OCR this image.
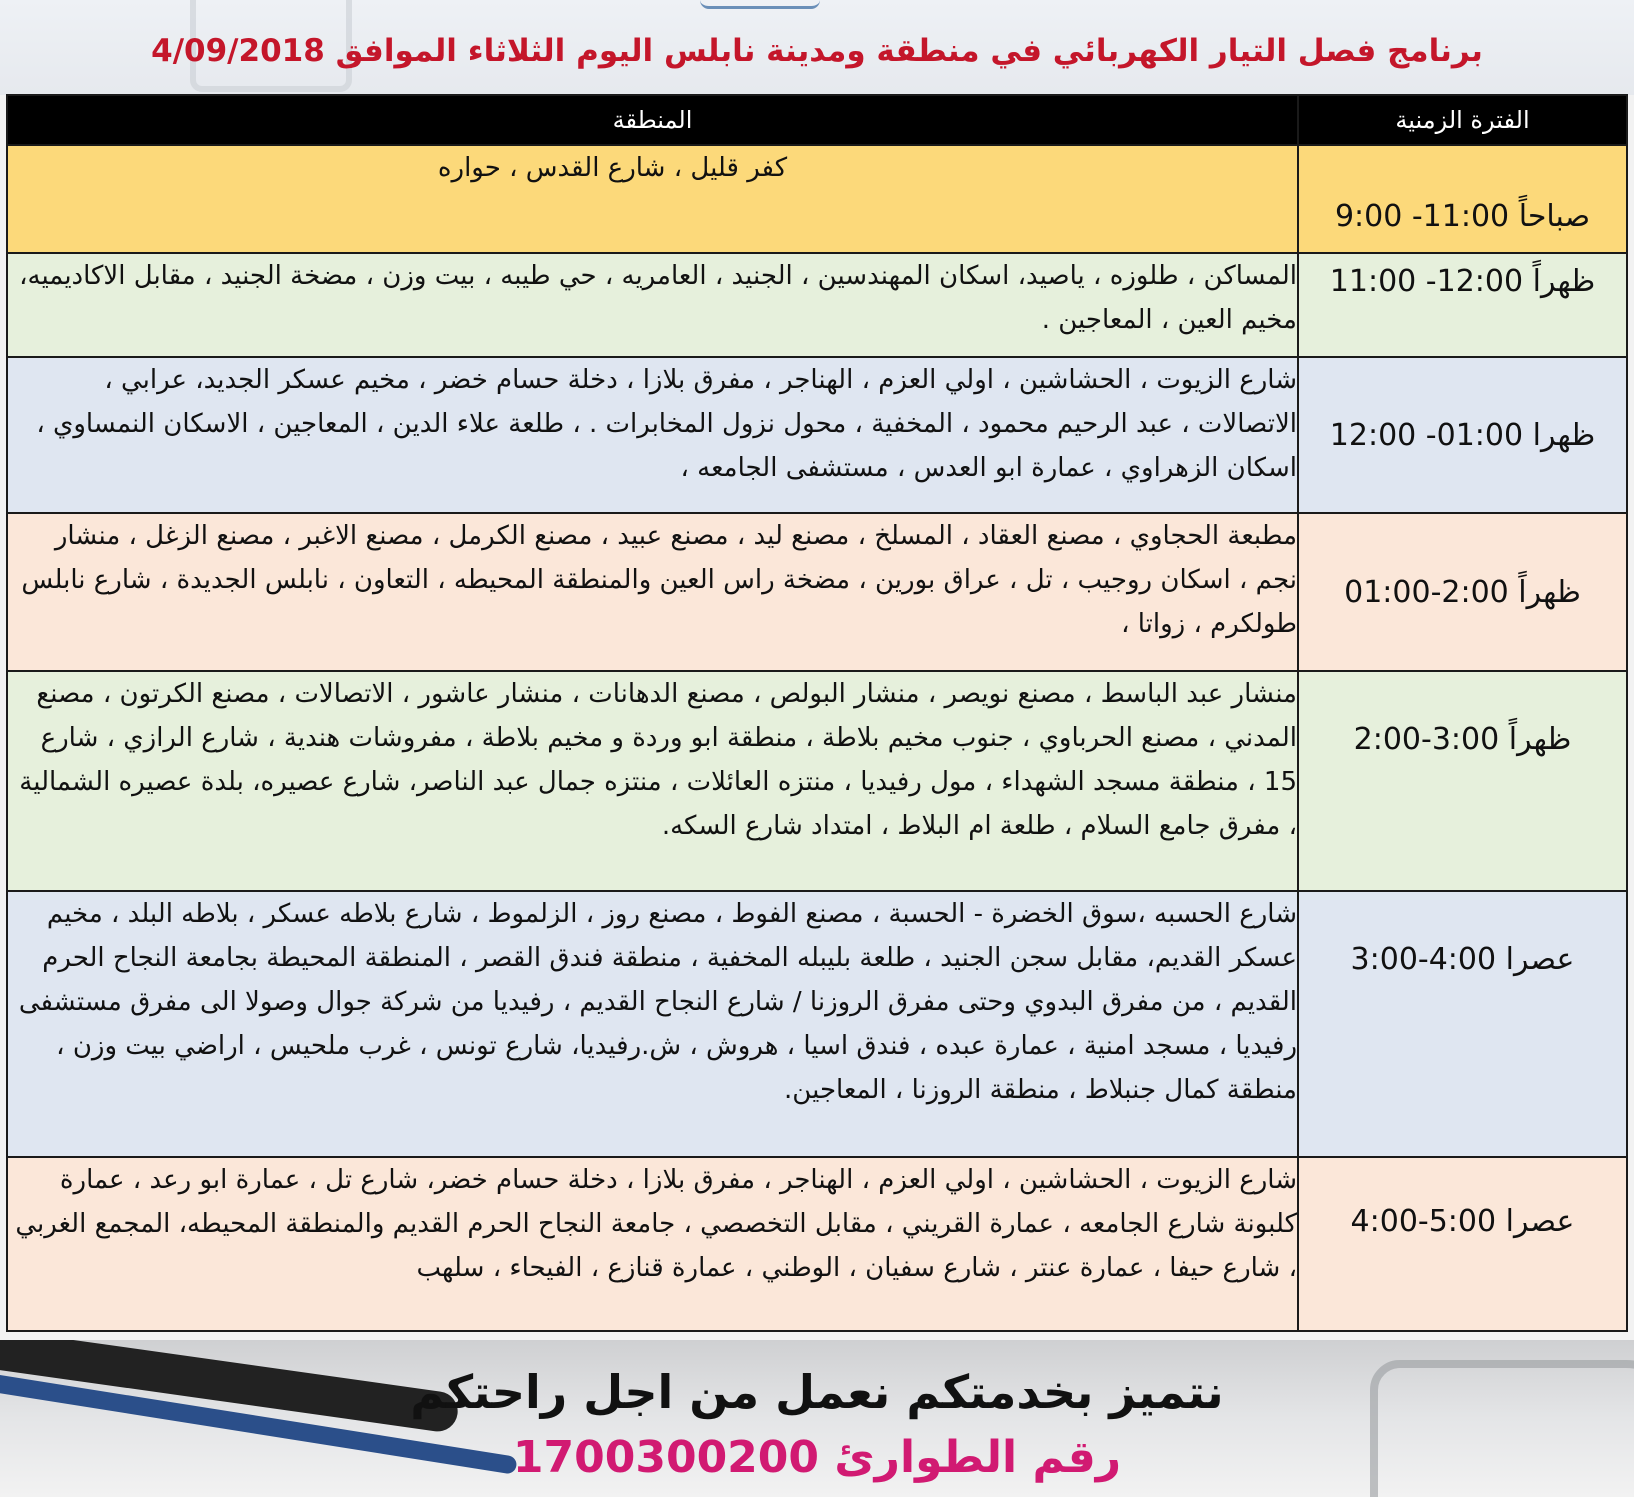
برنامج فصل التيار الكهربائي في منطقة ومدينة نابلس اليوم الثلاثاء الموافق 4/09/2018
المنطقة	الفترة الزمنية
كفر قليل ، شارع القدس ، حواره	9:00 -11:00 صباحاً
المساكن ، طلوزه ، ياصيد، اسكان المهندسين ، الجنيد ، العامريه ، حي طيبه ، بيت وزن ، مضخة الجنيد ، مقابل الاكاديميه، مخيم العين ، المعاجين .	11:00 -12:00 ظهراً
شارع الزيوت ، الحشاشين ، اولي العزم ، الهناجر ، مفرق بلازا ، دخلة حسام خضر ، مخيم عسكر الجديد، عرابي ، الاتصالات ، عبد الرحيم محمود ، المخفية ، محول نزول المخابرات . ، طلعة علاء الدين ، المعاجين ، الاسكان النمساوي ، اسكان الزهراوي ، عمارة ابو العدس ، مستشفى الجامعه ،	12:00 -01:00 ظهرا
مطبعة الحجاوي ، مصنع العقاد ، المسلخ ، مصنع ليد ، مصنع عبيد ، مصنع الكرمل ، مصنع الاغبر ، مصنع الزغل ، منشار نجم ، اسكان روجيب ، تل ، عراق بورين ، مضخة راس العين والمنطقة المحيطه ، التعاون ، نابلس الجديدة ، شارع نابلس طولكرم ، زواتا ،	01:00-2:00 ظهراً
منشار عبد الباسط ، مصنع نويصر ، منشار البولص ، مصنع الدهانات ، منشار عاشور ، الاتصالات ، مصنع الكرتون ، مصنع المدني ، مصنع الحرباوي ، جنوب مخيم بلاطة ، منطقة ابو وردة و مخيم بلاطة ، مفروشات هندية ، شارع الرازي ، شارع 15 ، منطقة مسجد الشهداء ، مول رفيديا ، منتزه العائلات ، منتزه جمال عبد الناصر، شارع عصيره، بلدة عصيره الشمالية ، مفرق جامع السلام ، طلعة ام البلاط ، امتداد شارع السكه.	2:00-3:00 ظهراً
شارع الحسبه ،سوق الخضرة - الحسبة ، مصنع الفوط ، مصنع روز ، الزلموط ، شارع بلاطه عسكر ، بلاطه البلد ، مخيم عسكر القديم، مقابل سجن الجنيد ، طلعة بليبله المخفية ، منطقة فندق القصر ، المنطقة المحيطة بجامعة النجاح الحرم القديم ، من مفرق البدوي وحتى مفرق الروزنا / شارع النجاح القديم ، رفيديا من شركة جوال وصولا الى مفرق مستشفى رفيديا ، مسجد امنية ، عمارة عبده ، فندق اسيا ، هروش ، ش.رفيديا، شارع تونس ، غرب ملحيس ، اراضي بيت وزن ، منطقة كمال جنبلاط ، منطقة الروزنا ، المعاجين.	3:00-4:00 عصرا
شارع الزيوت ، الحشاشين ، اولي العزم ، الهناجر ، مفرق بلازا ، دخلة حسام خضر، شارع تل ، عمارة ابو رعد ، عمارة كلبونة شارع الجامعه ، عمارة القريني ، مقابل التخصصي ، جامعة النجاح الحرم القديم والمنطقة المحيطه، المجمع الغربي ، شارع حيفا ، عمارة عنتر ، شارع سفيان ، الوطني ، عمارة قنازع ، الفيحاء ، سلهب	4:00-5:00 عصرا
نتميز بخدمتكم نعمل من اجل راحتكم
رقم الطوارئ 1700300200
